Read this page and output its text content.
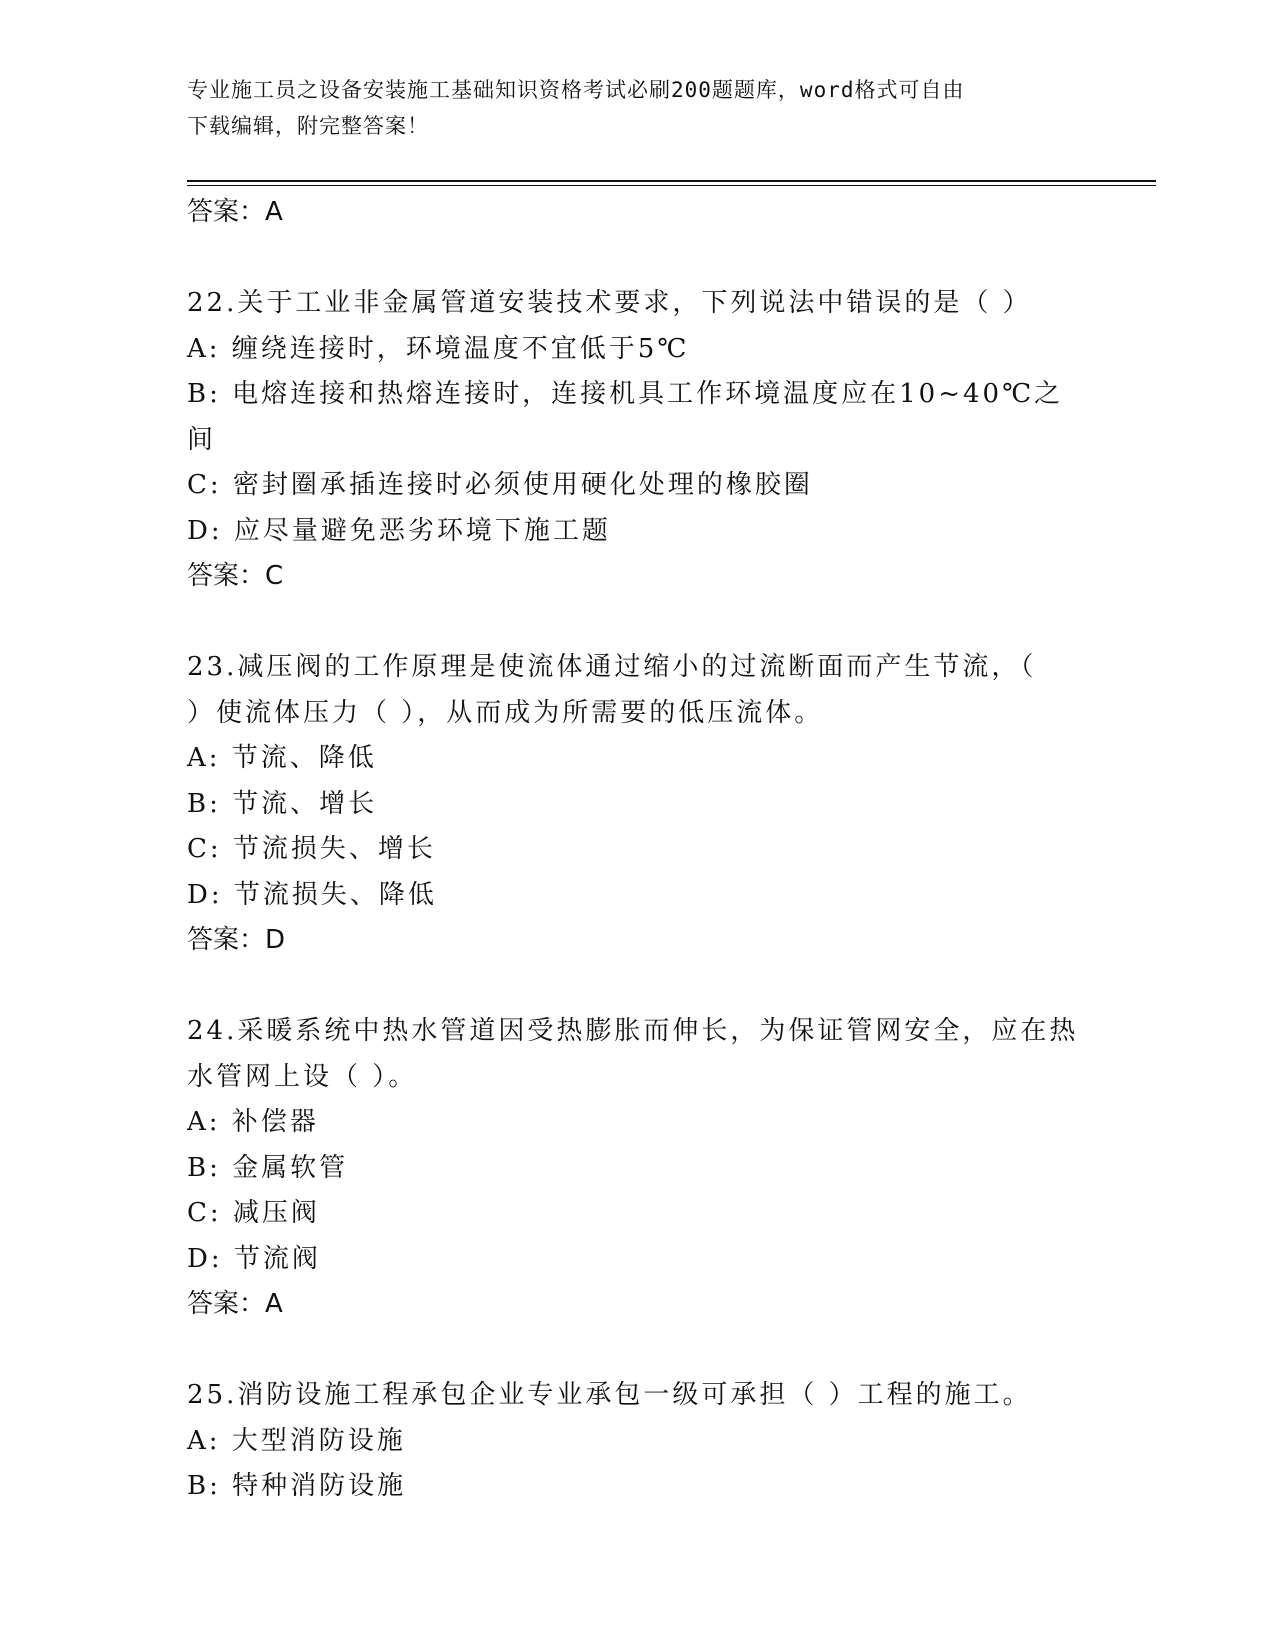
专业施工员之设备安装施工基础知识资格考试必刷200题题库，word格式可自由
下载编辑，附完整答案！

答案：A

22.关于工业非金属管道安装技术要求，下列说法中错误的是（ ）

A: 缠绕连接时，环境温度不宜低于5℃

B: 电熔连接和热熔连接时，连接机具工作环境温度应在10~40℃之间

C: 密封圈承插连接时必须使用硬化处理的橡胶圈

D: 应尽量避免恶劣环境下施工题

答案：C

23.减压阀的工作原理是使流体通过缩小的过流断面而产生节流，（

）使流体压力（ ），从而成为所需要的低压流体。

A: 节流、降低

B: 节流、增长

C: 节流损失、增长

D: 节流损失、降低

答案：D

24.采暖系统中热水管道因受热膨胀而伸长，为保证管网安全，应在热

水管网上设（ ）。

A: 补偿器

B: 金属软管

C: 减压阀

D: 节流阀

答案：A

25.消防设施工程承包企业专业承包一级可承担（ ）工程的施工。

A: 大型消防设施

B: 特种消防设施
